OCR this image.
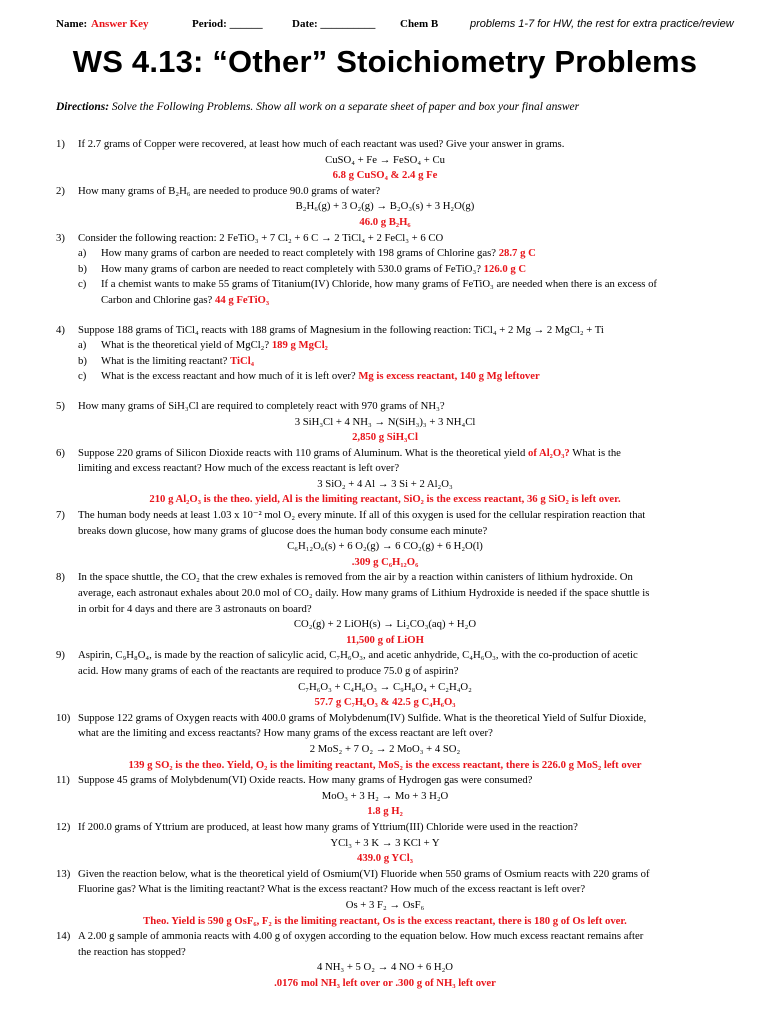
Name: Answer Key	Period: ______	Date: __________ Chem B	problems 1-7 for HW, the rest for extra practice/review
WS 4.13: “Other” Stoichiometry Problems
Directions: Solve the Following Problems. Show all work on a separate sheet of paper and box your final answer
1) If 2.7 grams of Copper were recovered, at least how much of each reactant was used? Give your answer in grams.
CuSO₄ + Fe → FeSO₄ + Cu
6.8 g CuSO₄ & 2.4 g Fe
2) How many grams of B₂H₆ are needed to produce 90.0 grams of water?
B₂H₆(g) + 3 O₂(g) → B₂O₃(s) + 3 H₂O(g)
46.0 g B₂H₆
3) Consider the following reaction: 2 FeTiO₃ + 7 Cl₂ + 6 C → 2 TiCl₄ + 2 FeCl₃ + 6 CO
a) How many grams of carbon are needed to react completely with 198 grams of Chlorine gas? 28.7 g C
b) How many grams of carbon are needed to react completely with 530.0 grams of FeTiO₃? 126.0 g C
c) If a chemist wants to make 55 grams of Titanium(IV) Chloride, how many grams of FeTiO₃ are needed when there is an excess of
Carbon and Chlorine gas? 44 g FeTiO₃
4) Suppose 188 grams of TiCl₄ reacts with 188 grams of Magnesium in the following reaction: TiCl₄ + 2 Mg → 2 MgCl₂ + Ti
a) What is the theoretical yield of MgCl₂? 189 g MgCl₂
b) What is the limiting reactant? TiCl₄
c) What is the excess reactant and how much of it is left over? Mg is excess reactant, 140 g Mg leftover
5) How many grams of SiH₃Cl are required to completely react with 970 grams of NH₃?
3 SiH₃Cl + 4 NH₃ → N(SiH₃)₃ + 3 NH₄Cl
2,850 g SiH₃Cl
6) Suppose 220 grams of Silicon Dioxide reacts with 110 grams of Aluminum. What is the theoretical yield of Al₂O₃? What is the
limiting and excess reactant? How much of the excess reactant is left over?
3 SiO₂ + 4 Al → 3 Si + 2 Al₂O₃
210 g Al₂O₃ is the theo. yield, Al is the limiting reactant, SiO₂ is the excess reactant, 36 g SiO₂ is left over.
7) The human body needs at least 1.03 x 10⁻² mol O₂ every minute. If all of this oxygen is used for the cellular respiration reaction that
breaks down glucose, how many grams of glucose does the human body consume each minute?
C₆H₁₂O₆(s) + 6 O₂(g) → 6 CO₂(g) + 6 H₂O(l)
.309 g C₆H₁₂O₆
8) In the space shuttle, the CO₂ that the crew exhales is removed from the air by a reaction within canisters of lithium hydroxide. On
average, each astronaut exhales about 20.0 mol of CO₂ daily. How many grams of Lithium Hydroxide is needed if the space shuttle is
in orbit for 4 days and there are 3 astronauts on board?
CO₂(g) + 2 LiOH(s) → Li₂CO₃(aq) + H₂O
11,500 g of LiOH
9) Aspirin, C₉H₈O₄, is made by the reaction of salicylic acid, C₇H₆O₃, and acetic anhydride, C₄H₆O₃, with the co-production of acetic
acid. How many grams of each of the reactants are required to produce 75.0 g of aspirin?
C₇H₆O₃ + C₄H₆O₃ → C₉H₈O₄ + C₂H₄O₂
57.7 g C₇H₆O₃ & 42.5 g C₄H₆O₃
10) Suppose 122 grams of Oxygen reacts with 400.0 grams of Molybdenum(IV) Sulfide. What is the theoretical Yield of Sulfur Dioxide,
what are the limiting and excess reactants? How many grams of the excess reactant are left over?
2 MoS₂ + 7 O₂ → 2 MoO₃ + 4 SO₂
139 g SO₂ is the theo. Yield, O₂ is the limiting reactant, MoS₂ is the excess reactant, there is 226.0 g MoS₂ left over
11) Suppose 45 grams of Molybdenum(VI) Oxide reacts. How many grams of Hydrogen gas were consumed?
MoO₃ + 3 H₂ → Mo + 3 H₂O
1.8 g H₂
12) If 200.0 grams of Yttrium are produced, at least how many grams of Yttrium(III) Chloride were used in the reaction?
YCl₃ + 3 K → 3 KCl + Y
439.0 g YCl₃
13) Given the reaction below, what is the theoretical yield of Osmium(VI) Fluoride when 550 grams of Osmium reacts with 220 grams of
Fluorine gas? What is the limiting reactant? What is the excess reactant? How much of the excess reactant is left over?
Os + 3 F₂ → OsF₆
Theo. Yield is 590 g OsF₆, F₂ is the limiting reactant, Os is the excess reactant, there is 180 g of Os left over.
14) A 2.00 g sample of ammonia reacts with 4.00 g of oxygen according to the equation below. How much excess reactant remains after
the reaction has stopped?
4 NH₃ + 5 O₂ → 4 NO + 6 H₂O
.0176 mol NH₃ left over or .300 g of NH₃ left over
